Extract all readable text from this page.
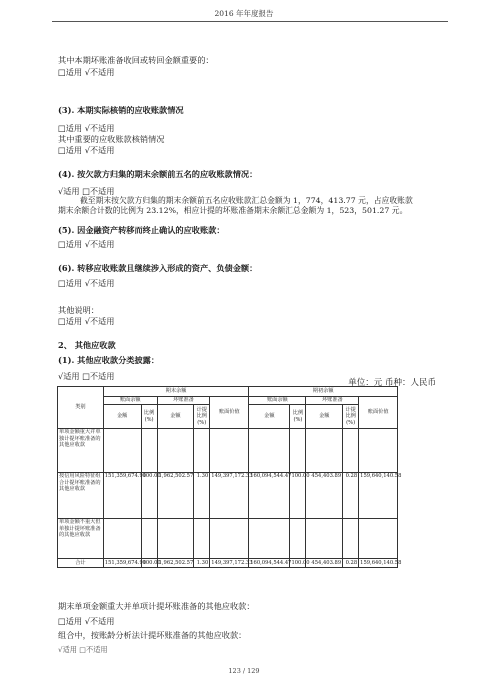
2016 年年度报告
其中本期坏账准备收回或转回金额重要的：
□适用 √不适用
(3). 本期实际核销的应收账款情况
□适用 √不适用
其中重要的应收账款核销情况
□适用 √不适用
(4). 按欠款方归集的期末余额前五名的应收账款情况：
√适用 □不适用
截至期末按欠款方归集的期末余额前五名应收账款汇总金额为 1，774，413.77 元，占应收账款
期末余额合计数的比例为 23.12%，相应计提的坏账准备期末余额汇总金额为 1，523，501.27 元。
(5). 因金融资产转移而终止确认的应收账款：
□适用 √不适用
(6). 转移应收账款且继续涉入形成的资产、负债金额：
□适用 √不适用
其他说明：
□适用 √不适用
2、 其他应收款
(1). 其他应收款分类披露：
√适用 □不适用
单位：元 币种：人民币
类别	期末余额					期初余额				
	账面余额		坏账准备		账面价值	账面余额		坏账准备		账面价值
	金额	比例(%)	金额	计提比例(%)		金额	比例(%)	金额	计提比例(%)	
单项金额重大并单独计提坏账准备的其他应收款										
按信用风险特征组合计提坏账准备的其他应收款	151,359,674.90	100.00	1,962,502.57	1.30	149,397,172.33	160,094,544.47	100.00	454,403.89	0.28	159,640,140.58
单项金额不重大但单独计提坏账准备的其他应收款										
合计	151,359,674.90	100.00	1,962,502.57	1.30	149,397,172.33	160,094,544.47	100.00	454,403.89	0.28	159,640,140.58
期末单项金额重大并单项计提坏账准备的其他应收款：
□适用 √不适用
组合中，按账龄分析法计提坏账准备的其他应收款：
√适用 □不适用
123 / 129
